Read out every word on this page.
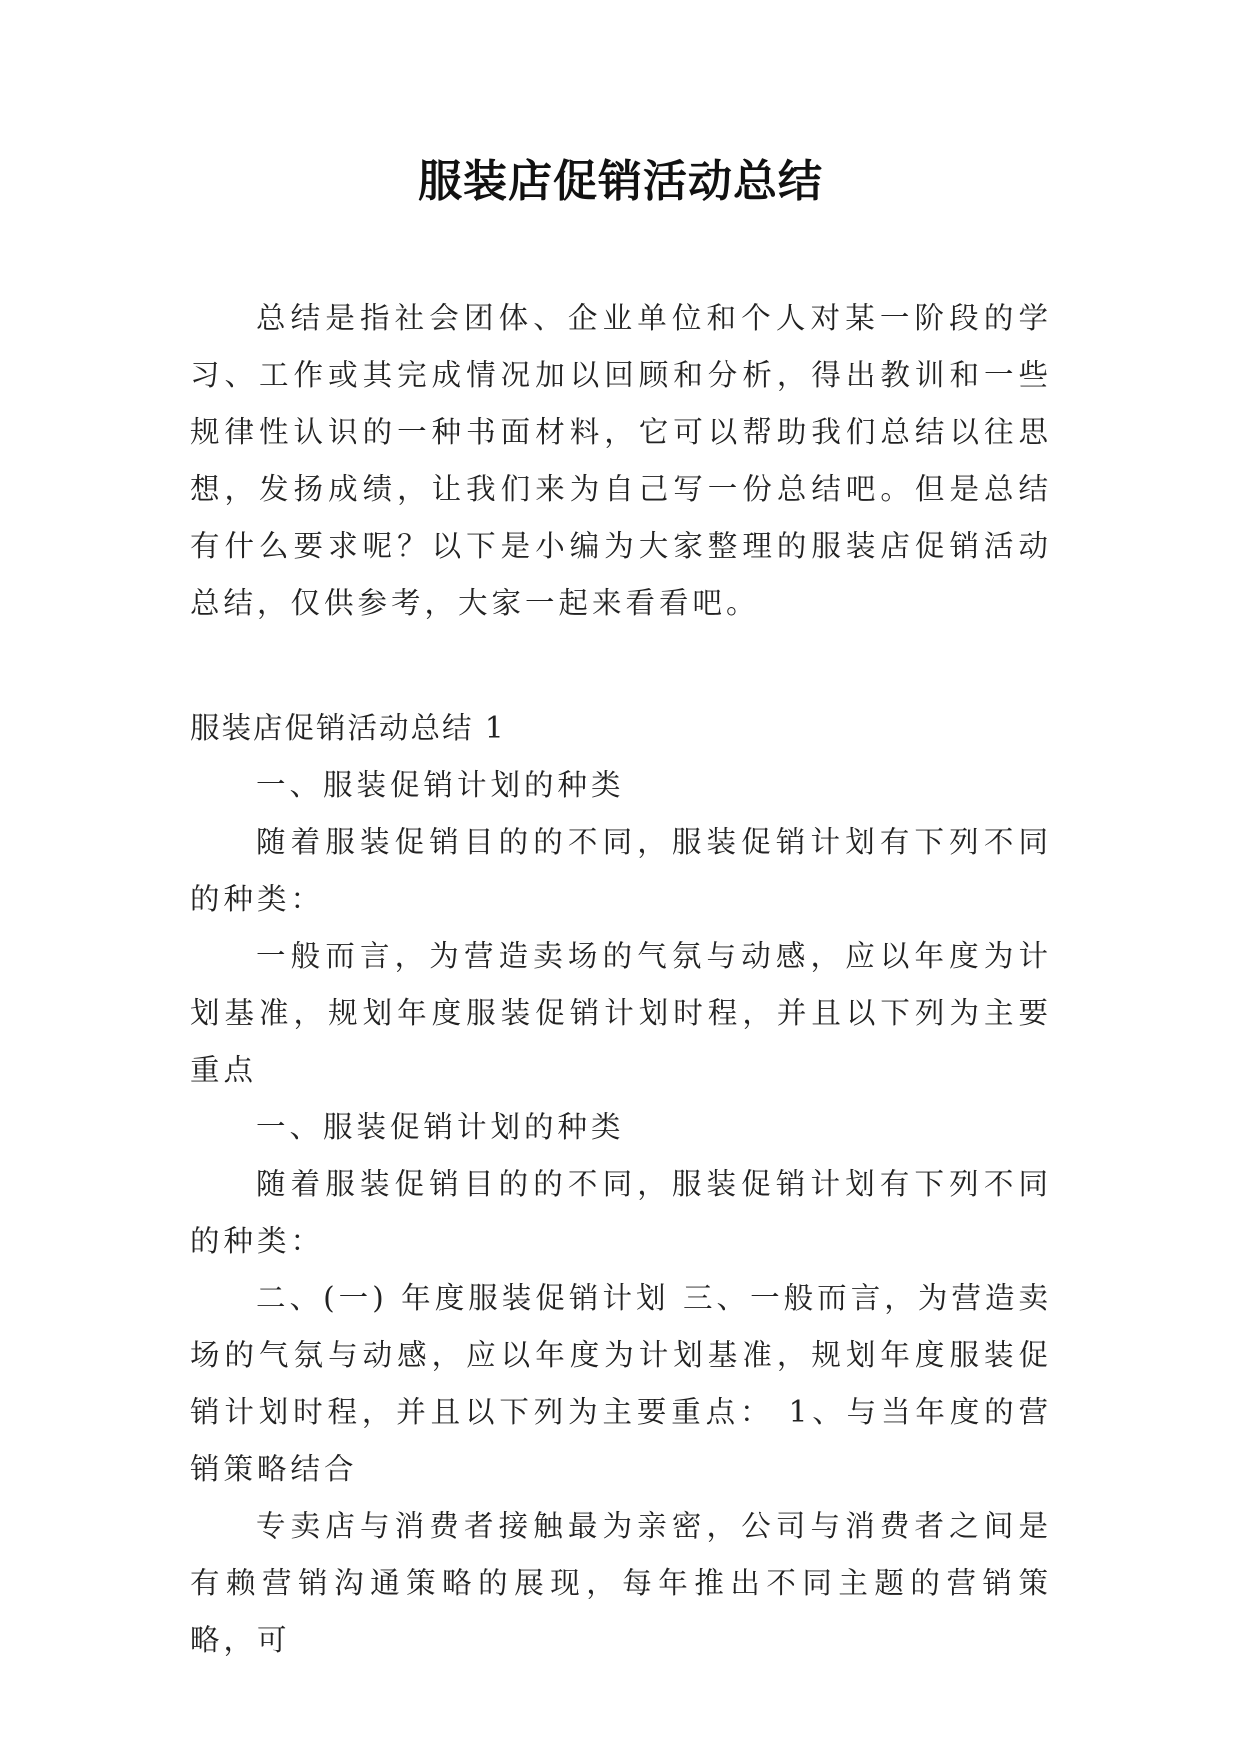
服装店促销活动总结

总结是指社会团体、企业单位和个人对某一阶段的学习、工作或其完成情况加以回顾和分析，得出教训和一些规律性认识的一种书面材料，它可以帮助我们总结以往思想，发扬成绩，让我们来为自己写一份总结吧。但是总结有什么要求呢？以下是小编为大家整理的服装店促销活动总结，仅供参考，大家一起来看看吧。

服装店促销活动总结 1

一、服装促销计划的种类

随着服装促销目的的不同，服装促销计划有下列不同的种类：

一般而言，为营造卖场的气氛与动感，应以年度为计划基准，规划年度服装促销计划时程，并且以下列为主要重点

一、服装促销计划的种类

随着服装促销目的的不同，服装促销计划有下列不同的种类：

二、(一) 年度服装促销计划 三、一般而言，为营造卖场的气氛与动感，应以年度为计划基准，规划年度服装促销计划时程，并且以下列为主要重点： 1、与当年度的营销策略结合

专卖店与消费者接触最为亲密，公司与消费者之间是有赖营销沟通策略的展现，每年推出不同主题的营销策略，可
